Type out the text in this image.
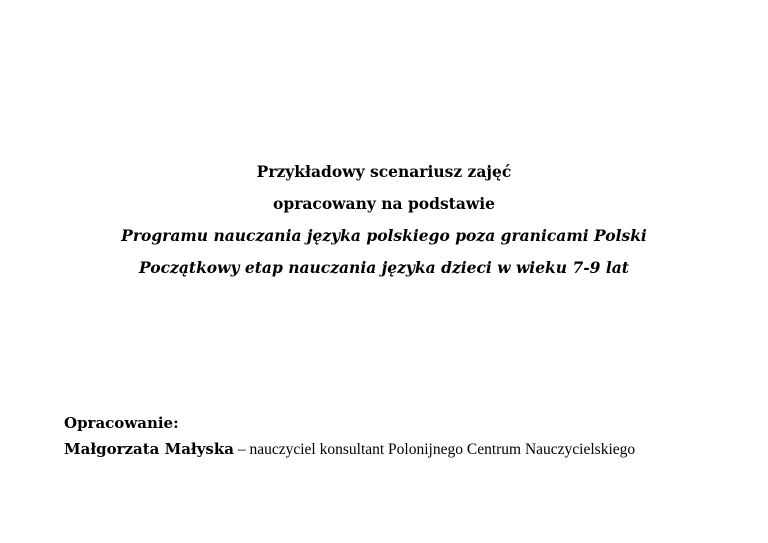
Przykładowy scenariusz zajęć
opracowany na podstawie
Programu nauczania języka polskiego poza granicami Polski
Początkowy etap nauczania języka dzieci w wieku 7-9 lat
Opracowanie:
Małgorzata Małyska – nauczyciel konsultant Polonijnego Centrum Nauczycielskiego
